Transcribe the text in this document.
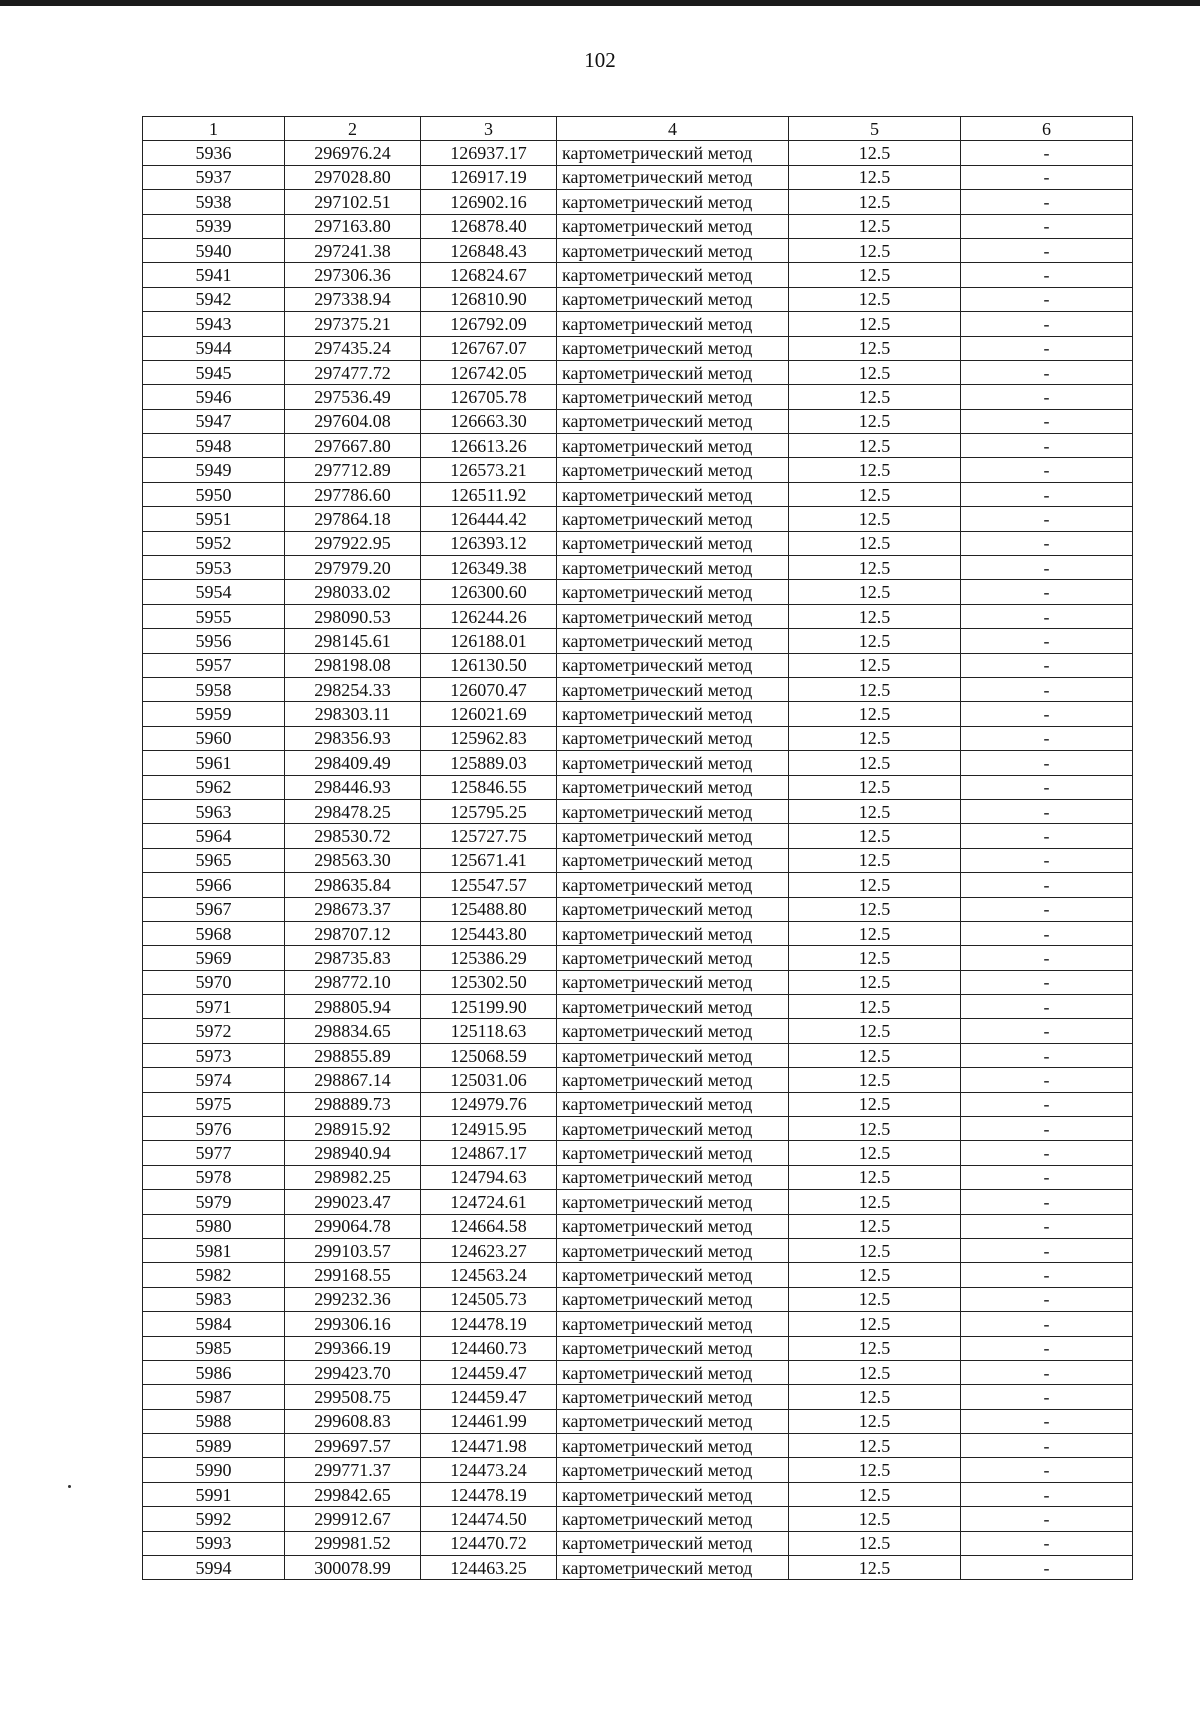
102
1	2	3	4	5	6
5936	296976.24	126937.17	картометрический метод	12.5	-
5937	297028.80	126917.19	картометрический метод	12.5	-
5938	297102.51	126902.16	картометрический метод	12.5	-
5939	297163.80	126878.40	картометрический метод	12.5	-
5940	297241.38	126848.43	картометрический метод	12.5	-
5941	297306.36	126824.67	картометрический метод	12.5	-
5942	297338.94	126810.90	картометрический метод	12.5	-
5943	297375.21	126792.09	картометрический метод	12.5	-
5944	297435.24	126767.07	картометрический метод	12.5	-
5945	297477.72	126742.05	картометрический метод	12.5	-
5946	297536.49	126705.78	картометрический метод	12.5	-
5947	297604.08	126663.30	картометрический метод	12.5	-
5948	297667.80	126613.26	картометрический метод	12.5	-
5949	297712.89	126573.21	картометрический метод	12.5	-
5950	297786.60	126511.92	картометрический метод	12.5	-
5951	297864.18	126444.42	картометрический метод	12.5	-
5952	297922.95	126393.12	картометрический метод	12.5	-
5953	297979.20	126349.38	картометрический метод	12.5	-
5954	298033.02	126300.60	картометрический метод	12.5	-
5955	298090.53	126244.26	картометрический метод	12.5	-
5956	298145.61	126188.01	картометрический метод	12.5	-
5957	298198.08	126130.50	картометрический метод	12.5	-
5958	298254.33	126070.47	картометрический метод	12.5	-
5959	298303.11	126021.69	картометрический метод	12.5	-
5960	298356.93	125962.83	картометрический метод	12.5	-
5961	298409.49	125889.03	картометрический метод	12.5	-
5962	298446.93	125846.55	картометрический метод	12.5	-
5963	298478.25	125795.25	картометрический метод	12.5	-
5964	298530.72	125727.75	картометрический метод	12.5	-
5965	298563.30	125671.41	картометрический метод	12.5	-
5966	298635.84	125547.57	картометрический метод	12.5	-
5967	298673.37	125488.80	картометрический метод	12.5	-
5968	298707.12	125443.80	картометрический метод	12.5	-
5969	298735.83	125386.29	картометрический метод	12.5	-
5970	298772.10	125302.50	картометрический метод	12.5	-
5971	298805.94	125199.90	картометрический метод	12.5	-
5972	298834.65	125118.63	картометрический метод	12.5	-
5973	298855.89	125068.59	картометрический метод	12.5	-
5974	298867.14	125031.06	картометрический метод	12.5	-
5975	298889.73	124979.76	картометрический метод	12.5	-
5976	298915.92	124915.95	картометрический метод	12.5	-
5977	298940.94	124867.17	картометрический метод	12.5	-
5978	298982.25	124794.63	картометрический метод	12.5	-
5979	299023.47	124724.61	картометрический метод	12.5	-
5980	299064.78	124664.58	картометрический метод	12.5	-
5981	299103.57	124623.27	картометрический метод	12.5	-
5982	299168.55	124563.24	картометрический метод	12.5	-
5983	299232.36	124505.73	картометрический метод	12.5	-
5984	299306.16	124478.19	картометрический метод	12.5	-
5985	299366.19	124460.73	картометрический метод	12.5	-
5986	299423.70	124459.47	картометрический метод	12.5	-
5987	299508.75	124459.47	картометрический метод	12.5	-
5988	299608.83	124461.99	картометрический метод	12.5	-
5989	299697.57	124471.98	картометрический метод	12.5	-
5990	299771.37	124473.24	картометрический метод	12.5	-
5991	299842.65	124478.19	картометрический метод	12.5	-
5992	299912.67	124474.50	картометрический метод	12.5	-
5993	299981.52	124470.72	картометрический метод	12.5	-
5994	300078.99	124463.25	картометрический метод	12.5	-
